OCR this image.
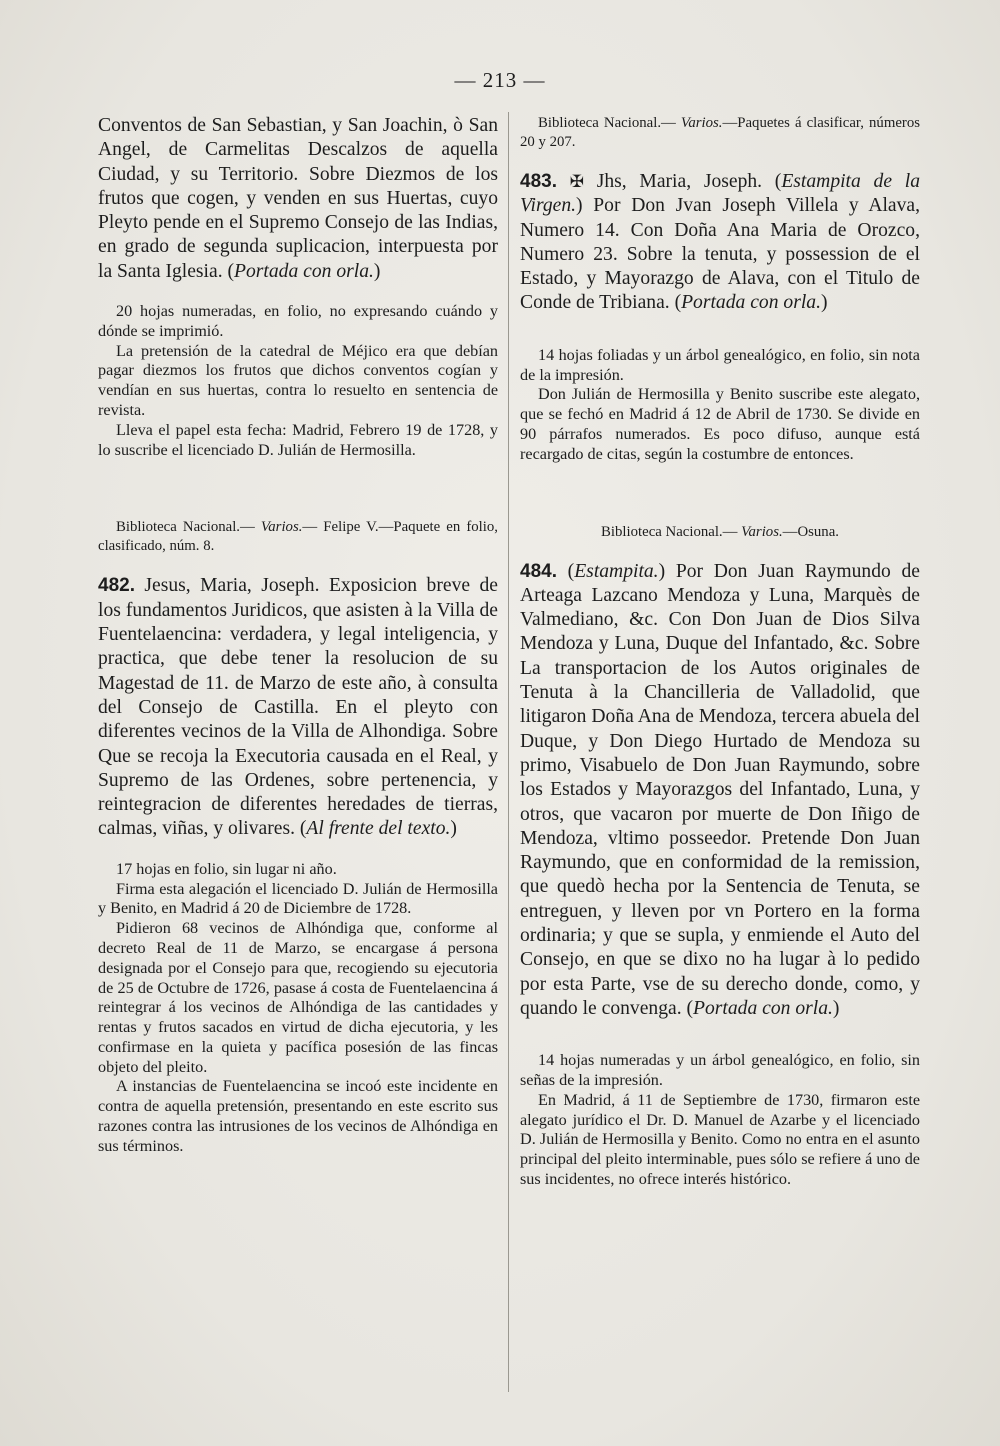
— 213 —

Conventos de San Sebastian, y San Joachin, ò San Angel, de Carmelitas Descalzos de aquella Ciudad, y su Territorio. Sobre Diezmos de los frutos que cogen, y venden en sus Huertas, cuyo Pleyto pende en el Supremo Consejo de las Indias, en grado de segunda suplicacion, interpuesta por la Santa Iglesia. (Portada con orla.)

20 hojas numeradas, en folio, no expresando cuándo y dónde se imprimió.

La pretensión de la catedral de Méjico era que debían pagar diezmos los frutos que dichos conventos cogían y vendían en sus huertas, contra lo resuelto en sentencia de revista.

Lleva el papel esta fecha: Madrid, Febrero 19 de 1728, y lo suscribe el licenciado D. Julián de Hermosilla.

Biblioteca Nacional.— Varios.— Felipe V.—Paquete en folio, clasificado, núm. 8.

482. Jesus, Maria, Joseph. Exposicion breve de los fundamentos Juridicos, que asisten à la Villa de Fuentelaencina: verdadera, y legal inteligencia, y practica, que debe tener la resolucion de su Magestad de 11. de Marzo de este año, à consulta del Consejo de Castilla. En el pleyto con diferentes vecinos de la Villa de Alhondiga. Sobre Que se recoja la Executoria causada en el Real, y Supremo de las Ordenes, sobre pertenencia, y reintegracion de diferentes heredades de tierras, calmas, viñas, y olivares. (Al frente del texto.)

17 hojas en folio, sin lugar ni año.

Firma esta alegación el licenciado D. Julián de Hermosilla y Benito, en Madrid á 20 de Diciembre de 1728.

Pidieron 68 vecinos de Alhóndiga que, conforme al decreto Real de 11 de Marzo, se encargase á persona designada por el Consejo para que, recogiendo su ejecutoria de 25 de Octubre de 1726, pasase á costa de Fuentelaencina á reintegrar á los vecinos de Alhóndiga de las cantidades y rentas y frutos sacados en virtud de dicha ejecutoria, y les confirmase en la quieta y pacífica posesión de las fincas objeto del pleito.

A instancias de Fuentelaencina se incoó este incidente en contra de aquella pretensión, presentando en este escrito sus razones contra las intrusiones de los vecinos de Alhóndiga en sus términos.

Biblioteca Nacional.— Varios.—Paquetes á clasificar, números 20 y 207.

483. ✠ Jhs, Maria, Joseph. (Estampita de la Virgen.) Por Don Jvan Joseph Villela y Alava, Numero 14. Con Doña Ana Maria de Orozco, Numero 23. Sobre la tenuta, y possession de el Estado, y Mayorazgo de Alava, con el Titulo de Conde de Tribiana. (Portada con orla.)

14 hojas foliadas y un árbol genealógico, en folio, sin nota de la impresión.

Don Julián de Hermosilla y Benito suscribe este alegato, que se fechó en Madrid á 12 de Abril de 1730. Se divide en 90 párrafos numerados. Es poco difuso, aunque está recargado de citas, según la costumbre de entonces.

Biblioteca Nacional.— Varios.—Osuna.

484. (Estampita.) Por Don Juan Raymundo de Arteaga Lazcano Mendoza y Luna, Marquès de Valmediano, &c. Con Don Juan de Dios Silva Mendoza y Luna, Duque del Infantado, &c. Sobre La transportacion de los Autos originales de Tenuta à la Chancilleria de Valladolid, que litigaron Doña Ana de Mendoza, tercera abuela del Duque, y Don Diego Hurtado de Mendoza su primo, Visabuelo de Don Juan Raymundo, sobre los Estados y Mayorazgos del Infantado, Luna, y otros, que vacaron por muerte de Don Iñigo de Mendoza, vltimo posseedor. Pretende Don Juan Raymundo, que en conformidad de la remission, que quedò hecha por la Sentencia de Tenuta, se entreguen, y lleven por vn Portero en la forma ordinaria; y que se supla, y enmiende el Auto del Consejo, en que se dixo no ha lugar à lo pedido por esta Parte, vse de su derecho donde, como, y quando le convenga. (Portada con orla.)

14 hojas numeradas y un árbol genealógico, en folio, sin señas de la impresión.

En Madrid, á 11 de Septiembre de 1730, firmaron este alegato jurídico el Dr. D. Manuel de Azarbe y el licenciado D. Julián de Hermosilla y Benito. Como no entra en el asunto principal del pleito interminable, pues sólo se refiere á uno de sus incidentes, no ofrece interés histórico.
